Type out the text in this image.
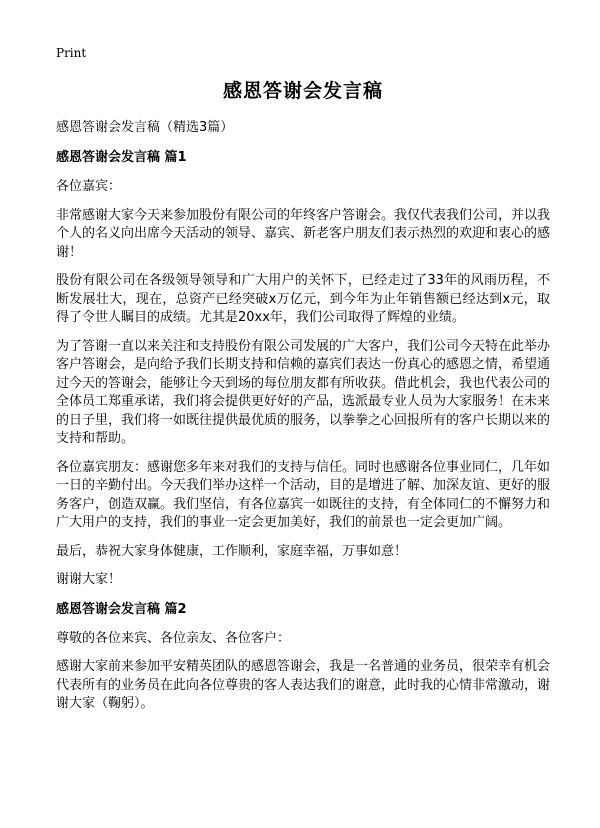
Print
感恩答谢会发言稿

感恩答谢会发言稿（精选3篇）

感恩答谢会发言稿 篇1

各位嘉宾：

非常感谢大家今天来参加股份有限公司的年终客户答谢会。我仅代表我们公司，并以我个人的名义向出席今天活动的领导、嘉宾、新老客户朋友们表示热烈的欢迎和衷心的感谢！

股份有限公司在各级领导领导和广大用户的关怀下，已经走过了33年的风雨历程，不断发展壮大，现在，总资产已经突破x万亿元，到今年为止年销售额已经达到x元，取得了令世人瞩目的成绩。尤其是20xx年，我们公司取得了辉煌的业绩。

为了答谢一直以来关注和支持股份有限公司发展的广大客户，我们公司今天特在此举办客户答谢会，是向给予我们长期支持和信赖的嘉宾们表达一份真心的感恩之情，希望通过今天的答谢会，能够让今天到场的每位朋友都有所收获。借此机会，我也代表公司的全体员工郑重承诺，我们将会提供更好好的产品，选派最专业人员为大家服务！在未来的日子里，我们将一如既往提供最优质的服务，以拳拳之心回报所有的客户长期以来的支持和帮助。

各位嘉宾朋友：感谢您多年来对我们的支持与信任。同时也感谢各位事业同仁，几年如一日的辛勤付出。今天我们举办这样一个活动，目的是增进了解、加深友谊、更好的服务客户，创造双赢。我们坚信，有各位嘉宾一如既往的支持，有全体同仁的不懈努力和广大用户的支持，我们的事业一定会更加美好，我们的前景也一定会更加广阔。

最后，恭祝大家身体健康，工作顺利，家庭幸福，万事如意！

谢谢大家！

感恩答谢会发言稿 篇2

尊敬的各位来宾、各位亲友、各位客户：

感谢大家前来参加平安精英团队的感恩答谢会，我是一名普通的业务员，很荣幸有机会代表所有的业务员在此向各位尊贵的客人表达我们的谢意，此时我的心情非常激动，谢谢大家（鞠躬）。
